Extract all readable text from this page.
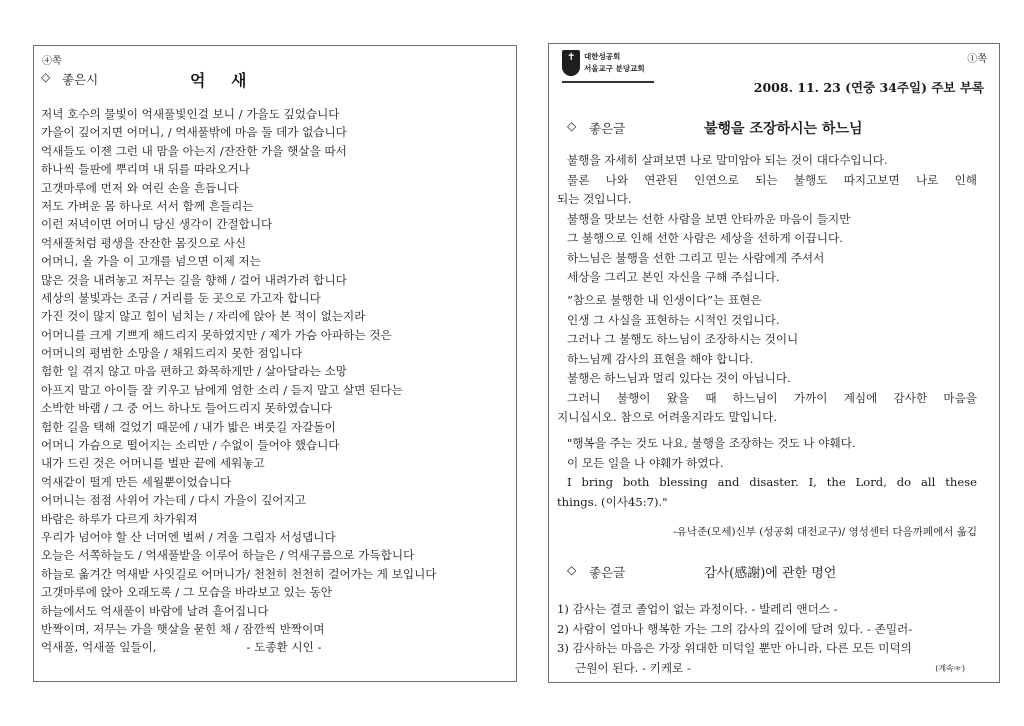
④쪽
◇ 좋은시	억 새
저녁 호수의 물빛이 억새풀빛인걸 보니 / 가을도 깊었습니다
가을이 깊어지면 어머니, / 억새풀밖에 마음 둘 데가 없습니다
억새들도 이젠 그런 내 맘을 아는지 /잔잔한 가을 햇살을 따서
하나씩 들판에 뿌리며 내 뒤를 따라오거나
고갯마루에 먼저 와 여린 손을 흔듭니다
저도 가벼운 몸 하나로 서서 함께 흔들리는
이런 저녁이면 어머니 당신 생각이 간절합니다
억새풀처럼 평생을 잔잔한 몸짓으로 사신
어머니, 올 가을 이 고개를 넘으면 이제 저는
많은 것을 내려놓고 저무는 길을 향해 / 걸어 내려가려 합니다
세상의 불빛과는 조금 / 거리를 둔 곳으로 가고자 합니다
가진 것이 많지 않고 힘이 넘치는 / 자리에 앉아 본 적이 없는지라
어머니를 크게 기쁘게 해드리지 못하였지만 / 제가 가슴 아파하는 것은
어머니의 평범한 소망을 / 채워드리지 못한 점입니다
험한 일 겪지 않고 마음 편하고 화목하게만 / 살아달라는 소망
아프지 말고 아이들 잘 키우고 남에게 엄한 소리 / 듣지 말고 살면 된다는
소박한 바램 / 그 중 어느 하나도 들어드리지 못하였습니다
험한 길을 택해 걸었기 때문에 / 내가 밟은 벼룻길 자갈돌이
어머니 가슴으로 떨어지는 소리만 / 수없이 들어야 했습니다
내가 드린 것은 어머니를 벌판 끝에 세워놓고
억새같이 떨게 만든 세월뿐이었습니다
어머니는 점점 사위어 가는데 / 다시 가을이 깊어지고
바람은 하루가 다르게 차가워져
우리가 넘어야 할 산 너머엔 벌써 / 겨울 그림자 서성댑니다
오늘은 서쪽하늘도 / 억새풀밭을 이루어 하늘은 / 억새구름으로 가득합니다
하늘로 옮겨간 억새밭 사잇길로 어머니가/ 천천히 천천히 걸어가는 게 보입니다
고갯마루에 앉아 오래도록 / 그 모습을 바라보고 있는 동안
하늘에서도 억새풀이 바람에 날려 흩어집니다
반짝이며, 저무는 가을 햇살을 묻힌 채 / 잠깐씩 반짝이며
억새풀, 억새풀 잎들이,	- 도종환 시인 -
①쪽
✝ 대한성공회
서울교구 분당교회
2008. 11. 23 (연중 34주일) 주보 부록
◇ 좋은글	불행을 조장하시는 하느님
불행을 자세히 살펴보면 나로 말미암아 되는 것이 대다수입니다.
물론 나와 연관된 인연으로 되는 불행도 따지고보면 나로 인해
되는 것입니다.
불행을 맛보는 선한 사람을 보면 안타까운 마음이 들지만
그 불행으로 인해 선한 사람은 세상을 선하게 이끕니다.
하느님은 불행을 선한 그리고 믿는 사람에게 주셔서
세상을 그리고 본인 자신을 구해 주십니다.
“참으로 불행한 내 인생이다”는 표현은
인생 그 사실을 표현하는 시적인 것입니다.
그러나 그 불행도 하느님이 조장하시는 것이니
하느님께 감사의 표현을 해야 합니다.
불행은 하느님과 멀리 있다는 것이 아닙니다.
그러니 불행이 왔을 때 하느님이 가까이 계심에 감사한 마음을
지니십시오. 참으로 어려울지라도 말입니다.
"행복을 주는 것도 나요, 불행을 조장하는 것도 나 야훼다.
이 모든 일을 나 야훼가 하였다.
I bring both blessing and disaster. I, the Lord, do all these
things. (이사45:7)."
-유낙준(모세)신부 (성공회 대전교구)/ 영성센터 다음까페에서 옮김
◇ 좋은글	감사(感謝)에 관한 명언
1) 감사는 결코 졸업이 없는 과정이다. - 발레리 앤더스 -
2) 사람이 얼마나 행복한 가는 그의 감사의 깊이에 달려 있다. - 존밀러-
3) 감사하는 마음은 가장 위대한 미덕일 뿐만 아니라, 다른 모든 미덕의
근원이 된다. - 키케로 -	(계속☞)
